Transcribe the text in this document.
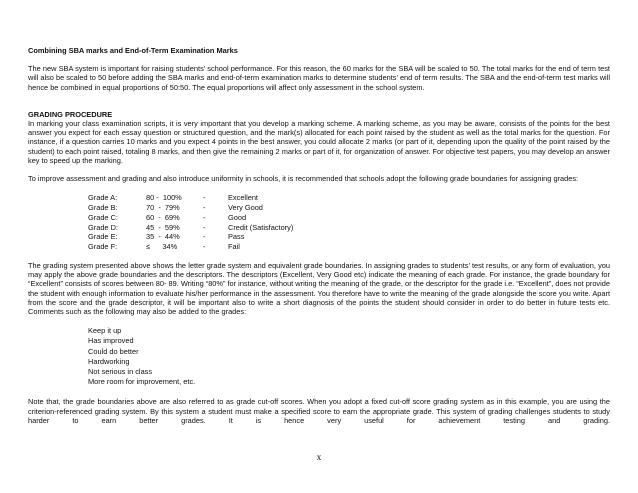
Combining SBA marks and End-of-Term Examination Marks

The new SBA system is important for raising students’ school performance. For this reason, the 60 marks for the SBA will be scaled to 50. The total marks for the end of term test will also be scaled to 50 before adding the SBA marks and end-of-term examination marks to determine students’ end of term results. The SBA and the end-of-term test marks will hence be combined in equal proportions of 50:50. The equal proportions will affect only assessment in the school system.

GRADING PROCEDURE

In marking your class examination scripts, it is very important that you develop a marking scheme. A marking scheme, as you may be aware, consists of the points for the best answer you expect for each essay question or structured question, and the mark(s) allocated for each point raised by the student as well as the total marks for the question. For instance, if a question carries 10 marks and you expect 4 points in the best answer, you could allocate 2 marks (or part of it, depending upon the quality of the point raised by the student) to each point raised, totaling 8 marks, and then give the remaining 2 marks or part of it, for organization of answer. For objective test papers, you may develop an answer key to speed up the marking.

To improve assessment and grading and also introduce uniformity in schools, it is recommended that schools adopt the following grade boundaries for assigning grades:

Grade A:	80 -  100%	-	Excellent
Grade B:	70  -  79%	-	Very Good
Grade C:	60  -  69%	-	Good
Grade D:	45  -  59%	-	Credit (Satisfactory)
Grade E:	35  -  44%	-	Pass
Grade F:	≤      34%	-	Fail

The grading system presented above shows the letter grade system and equivalent grade boundaries. In assigning grades to students’ test results, or any form of evaluation, you may apply the above grade boundaries and the descriptors. The descriptors (Excellent, Very Good etc) indicate the meaning of each grade. For instance, the grade boundary for “Excellent” consists of scores between 80- 89. Writing “80%” for instance, without writing the meaning of the grade, or the descriptor for the grade i.e. “Excellent”, does not provide the student with enough information to evaluate his/her performance in the assessment. You therefore have to write the meaning of the grade alongside the score you write. Apart from the score and the grade descriptor, it will be important also to write a short diagnosis of the points the student should consider in order to do better in future tests etc. Comments such as the following may also be added to the grades:

Keep it up
Has improved
Could do better
Hardworking
Not serious in class
More room for improvement, etc.

Note that, the grade boundaries above are also referred to as grade cut-off scores. When you adopt a fixed cut-off score grading system as in this example, you are using the criterion-referenced grading system. By this system a student must make a specified score to earn the appropriate grade. This system of grading challenges students to study harder to earn better grades. It is hence very useful for achievement testing and grading.

x
